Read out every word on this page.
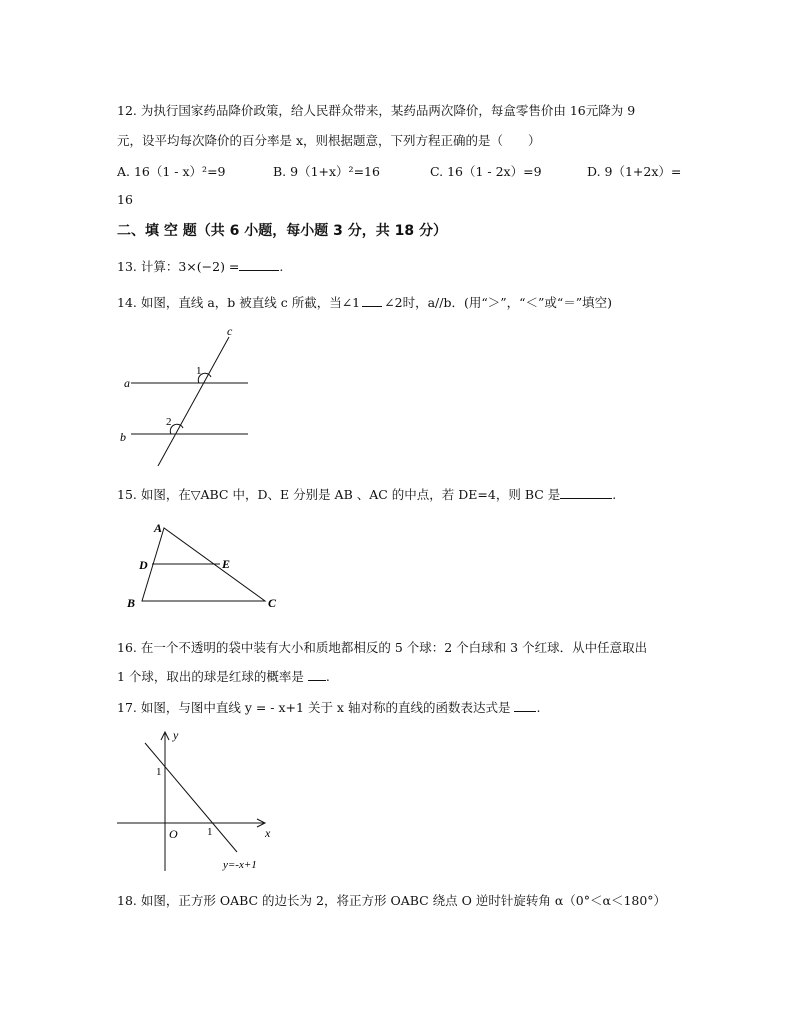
12. 为执行国家药品降价政策，给人民群众带来，某药品两次降价，每盒零售价由 16元降为 9
元，设平均每次降价的百分率是 x，则根据题意，下列方程正确的是（　　）
A. 16（1 - x）²=9	B. 9（1+x）²=16	C. 16（1 - 2x）=9	D. 9（1+2x）=
16
二、填 空 题（共 6 小题，每小题 3 分，共 18 分）
13. 计算：3×(−2) =	.
14. 如图，直线 a，b 被直线 c 所截，当∠1 ∠2时，a//b．(用“＞”，“＜”或“＝”填空)
c
a
b
1
2
15. 如图，在▽ABC 中，D、E 分别是 AB 、AC 的中点，若 DE=4，则 BC 是	.
A
D	E
B	C
16. 在一个不透明的袋中装有大小和质地都相反的 5 个球：2 个白球和 3 个红球．从中任意取出
1 个球，取出的球是红球的概率是 .
17. 如图，与图中直线 y = - x+1 关于 x 轴对称的直线的函数表达式是 .
y
x
O
1
1
y=-x+1
18. 如图，正方形 OABC 的边长为 2，将正方形 OABC 绕点 O 逆时针旋转角 α（0°＜α＜180°）
